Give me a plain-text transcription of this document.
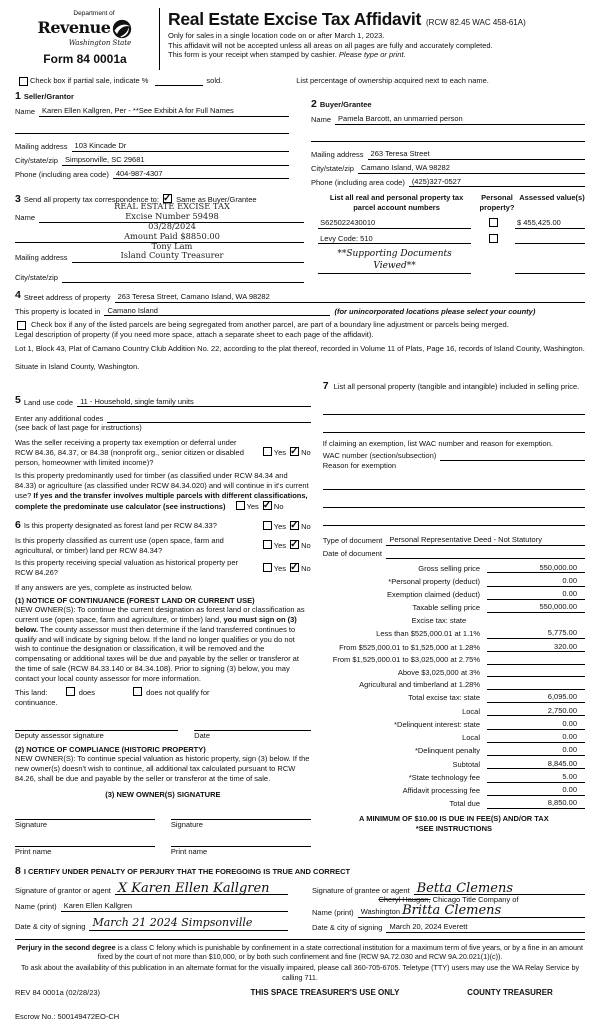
Department of
Revenue
Washington State
Form 84 0001a
Real Estate Excise Tax Affidavit (RCW 82.45 WAC 458-61A)
Only for sales in a single location code on or after March 1, 2023.
This affidavit will not be accepted unless all areas on all pages are fully and accurately completed.
This form is your receipt when stamped by cashier. Please type or print.
Check box if partial sale, indicate %	sold.	List percentage of ownership acquired next to each name.
1 Seller/Grantor
Name Karen Ellen Kallgren, Per - **See Exhibit A for Full Names
Mailing address 103 Kincade Dr
City/state/zip Simpsonville, SC 29681
Phone (including area code) 404-987-4307
2 Buyer/Grantee
Name Pamela Barcott, an unmarried person
Mailing address 263 Teresa Street
City/state/zip Camano Island, WA 98282
Phone (including area code) (425)327-0527
3 Send all property tax correspondence to: ✓ Same as Buyer/Grantee
Name
Mailing address
City/state/zip
REAL ESTATE EXCISE TAX
Excise Number 59498
03/28/2024
Amount Paid $8850.00
Tony Lam
Island County Treasurer
List all real and personal property tax parcel account numbers
Personal property?
Assessed value(s)
S625022430010	$ 455,425.00
Levy Code: 510
**Supporting Documents Viewed**
4 Street address of property 263 Teresa Street, Camano Island, WA 98282
This property is located in Camano Island	(for unincorporated locations please select your county)
Check box if any of the listed parcels are being segregated from another parcel, are part of a boundary line adjustment or parcels being merged.
Legal description of property (if you need more space, attach a separate sheet to each page of the affidavit).
Lot 1, Block 43, Plat of Camano Country Club Addition No. 22, according to the plat thereof, recorded in Volume 11 of Plats, Page 16, records of Island County, Washington.
Situate in Island County, Washington.
5 Land use code 11 - Household, single family units
Enter any additional codes
(see back of last page for instructions)
Was the seller receiving a property tax exemption or deferral under RCW 84.36, 84.37, or 84.38 (nonprofit org., senior citizen or disabled person, homeowner with limited income)?
Yes ✓ No
Is this property predominantly used for timber (as classified under RCW 84.34 and 84.33) or agriculture (as classified under RCW 84.34.020) and will continue in it's current use? If yes and the transfer involves multiple parcels with different classifications, complete the predominate use calculator (see instructions)	Yes ✓ No
6 Is this property designated as forest land per RCW 84.33?	Yes ✓ No
Is this property classified as current use (open space, farm and agricultural, or timber) land per RCW 84.34?	Yes ✓ No
Is this property receiving special valuation as historical property per RCW 84.26?	Yes ✓ No
If any answers are yes, complete as instructed below.
(1) NOTICE OF CONTINUANCE (FOREST LAND OR CURRENT USE)
NEW OWNER(S): To continue the current designation as forest land or classification as current use (open space, farm and agriculture, or timber) land, you must sign on (3) below. The county assessor must then determine if the land transferred continues to qualify and will indicate by signing below. If the land no longer qualifies or you do not wish to continue the designation or classification, it will be removed and the compensating or additional taxes will be due and payable by the seller or transferor at the time of sale (RCW 84.33.140 or 84.34.108). Prior to signing (3) below, you may contact your local county assessor for more information.
This land:	does	does not qualify for
continuance.
Deputy assessor signature	Date
(2) NOTICE OF COMPLIANCE (HISTORIC PROPERTY)
NEW OWNER(S): To continue special valuation as historic property, sign (3) below. If the new owner(s) doesn't wish to continue, all additional tax calculated pursuant to RCW 84.26, shall be due and payable by the seller or transferor at the time of sale.
(3) NEW OWNER(S) SIGNATURE
Signature	Signature
Print name	Print name
7 List all personal property (tangible and intangible) included in selling price.
If claiming an exemption, list WAC number and reason for exemption.
WAC number (section/subsection)
Reason for exemption
Type of document Personal Representative Deed - Not Statutory
Date of document
Gross selling price	550,000.00
*Personal property (deduct)	0.00
Exemption claimed (deduct)	0.00
Taxable selling price	550,000.00
Excise tax: state
Less than $525,000.01 at 1.1%	5,775.00
From $525,000.01 to $1,525,000 at 1.28%	320.00
From $1,525,000.01 to $3,025,000 at 2.75%
Above $3,025,000 at 3%
Agricultural and timberland at 1.28%
Total excise tax: state	6,095.00
Local	2,750.00
*Delinquent interest: state	0.00
Local	0.00
*Delinquent penalty	0.00
Subtotal	8,845.00
*State technology fee	5.00
Affidavit processing fee	0.00
Total due	8,850.00
A MINIMUM OF $10.00 IS DUE IN FEE(S) AND/OR TAX
*SEE INSTRUCTIONS
8 I CERTIFY UNDER PENALTY OF PERJURY THAT THE FOREGOING IS TRUE AND CORRECT
Signature of grantor or agent X Karen Ellen Kallgren
Name (print) Karen Ellen Kallgren
Date & city of signing March 21 2024 Simpsonville
Signature of grantee or agent Betta Clemens
Cheryl Haugan, Chicago Title Company of
Name (print) Washington Britta Clemens
Date & city of signing March 20, 2024 Everett
Perjury in the second degree is a class C felony which is punishable by confinement in a state correctional institution for a maximum term of five years, or by a fine in an amount fixed by the court of not more than $10,000, or by both such confinement and fine (RCW 9A.72.030 and RCW 9A.20.021(1)(c)).
To ask about the availability of this publication in an alternate format for the visually impaired, please call 360-705-6705. Teletype (TTY) users may use the WA Relay Service by calling 711.
REV 84 0001a (02/28/23)	THIS SPACE TREASURER'S USE ONLY	COUNTY TREASURER
Escrow No.: 500149472EO-CH
